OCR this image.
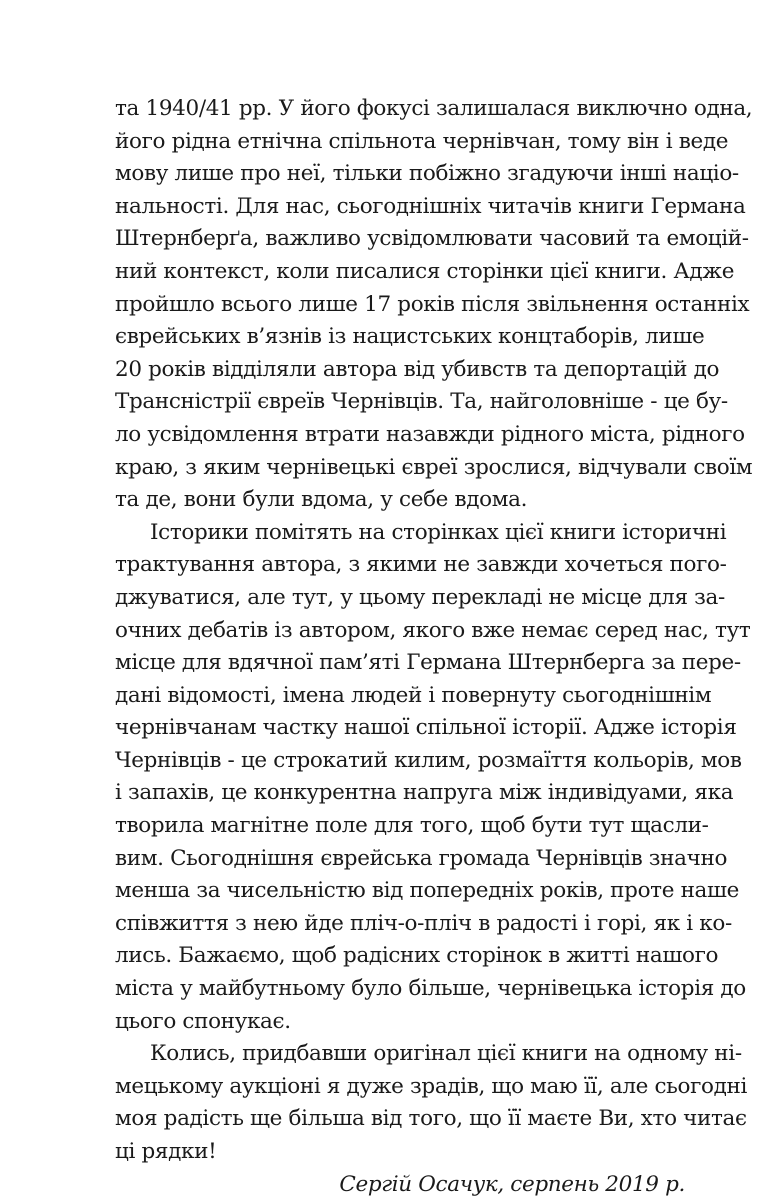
та 1940/41 рр. У його фокусі залишалася виключно одна,
його рідна етнічна спільнота чернівчан, тому він і веде
мову лише про неї, тільки побіжно згадуючи інші націо-
нальності. Для нас, сьогоднішніх читачів книги Германа
Штернберґа, важливо усвідомлювати часовий та емоцій-
ний контекст, коли писалися сторінки цієї книги. Адже
пройшло всього лише 17 років після звільнення останніх
єврейських в’язнів із нацистських концтаборів, лише
20 років відділяли автора від убивств та депортацій до
Трансністрії євреїв Чернівців. Та, найголовніше - це бу-
ло усвідомлення втрати назавжди рідного міста, рідного
краю, з яким чернівецькі євреї зрослися, відчували своїм
та де, вони були вдома, у себе вдома.
Історики помітять на сторінках цієї книги історичні
трактування автора, з якими не завжди хочеться пого-
джуватися, але тут, у цьому перекладі не місце для за-
очних дебатів із автором, якого вже немає серед нас, тут
місце для вдячної пам’яті Германа Штернберга за пере-
дані відомості, імена людей і повернуту сьогоднішнім
чернівчанам частку нашої спільної історії. Адже історія
Чернівців - це строкатий килим, розмаїття кольорів, мов
і запахів, це конкурентна напруга між індивідуами, яка
творила магнітне поле для того, щоб бути тут щасли-
вим. Сьогоднішня єврейська громада Чернівців значно
менша за чисельністю від попередніх років, проте наше
співжиття з нею йде пліч-о-пліч в радості і горі, як і ко-
лись. Бажаємо, щоб радісних сторінок в житті нашого
міста у майбутньому було більше, чернівецька історія до
цього спонукає.
Колись, придбавши оригінал цієї книги на одному ні-
мецькому аукціоні я дуже зрадів, що маю її, але сьогодні
моя радість ще більша від того, що її маєте Ви, хто читає
ці рядки!
Сергій Осачук, серпень 2019 р.
